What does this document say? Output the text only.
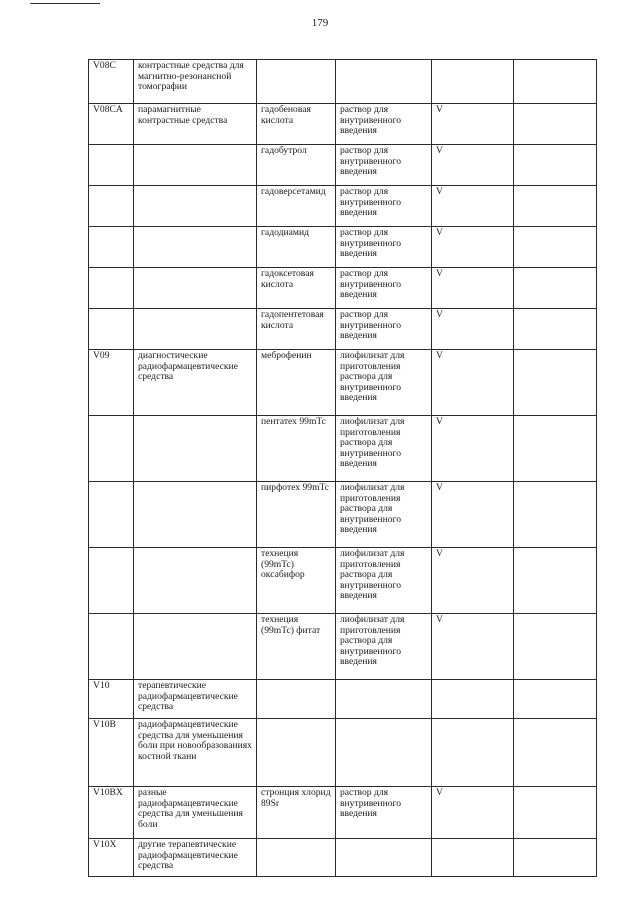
179
V08C	контрастные средства для магнитно-резонансной томографии				
V08CA	парамагнитные контрастные средства	гадобеновая кислота	раствор для внутривенного введения	V	
		гадобутрол	раствор для внутривенного введения	V	
		гадоверсетамид	раствор для внутривенного введения	V	
		гадодиамид	раствор для внутривенного введения	V	
		гадоксетовая кислота	раствор для внутривенного введения	V	
		гадопентетовая кислота	раствор для внутривенного введения	V	
V09	диагностические радиофармацевтические средства	меброфенин	лиофилизат для приготовления раствора для внутривенного введения	V	
		пентатех 99mTc	лиофилизат для приготовления раствора для внутривенного введения	V	
		пирфотех 99mTc	лиофилизат для приготовления раствора для внутривенного введения	V	
		технеция (99mTc) оксабифор	лиофилизат для приготовления раствора для внутривенного введения	V	
		технеция (99mTc) фитат	лиофилизат для приготовления раствора для внутривенного введения	V	
V10	терапевтические радиофармацевтические средства				
V10B	радиофармацевтические средства для уменьшения боли при новообразованиях костной ткани				
V10BX	разные радиофармацевтические средства для уменьшения боли	стронция хлорид 89Sr	раствор для внутривенного введения	V	
V10X	другие терапевтические радиофармацевтические средства				
